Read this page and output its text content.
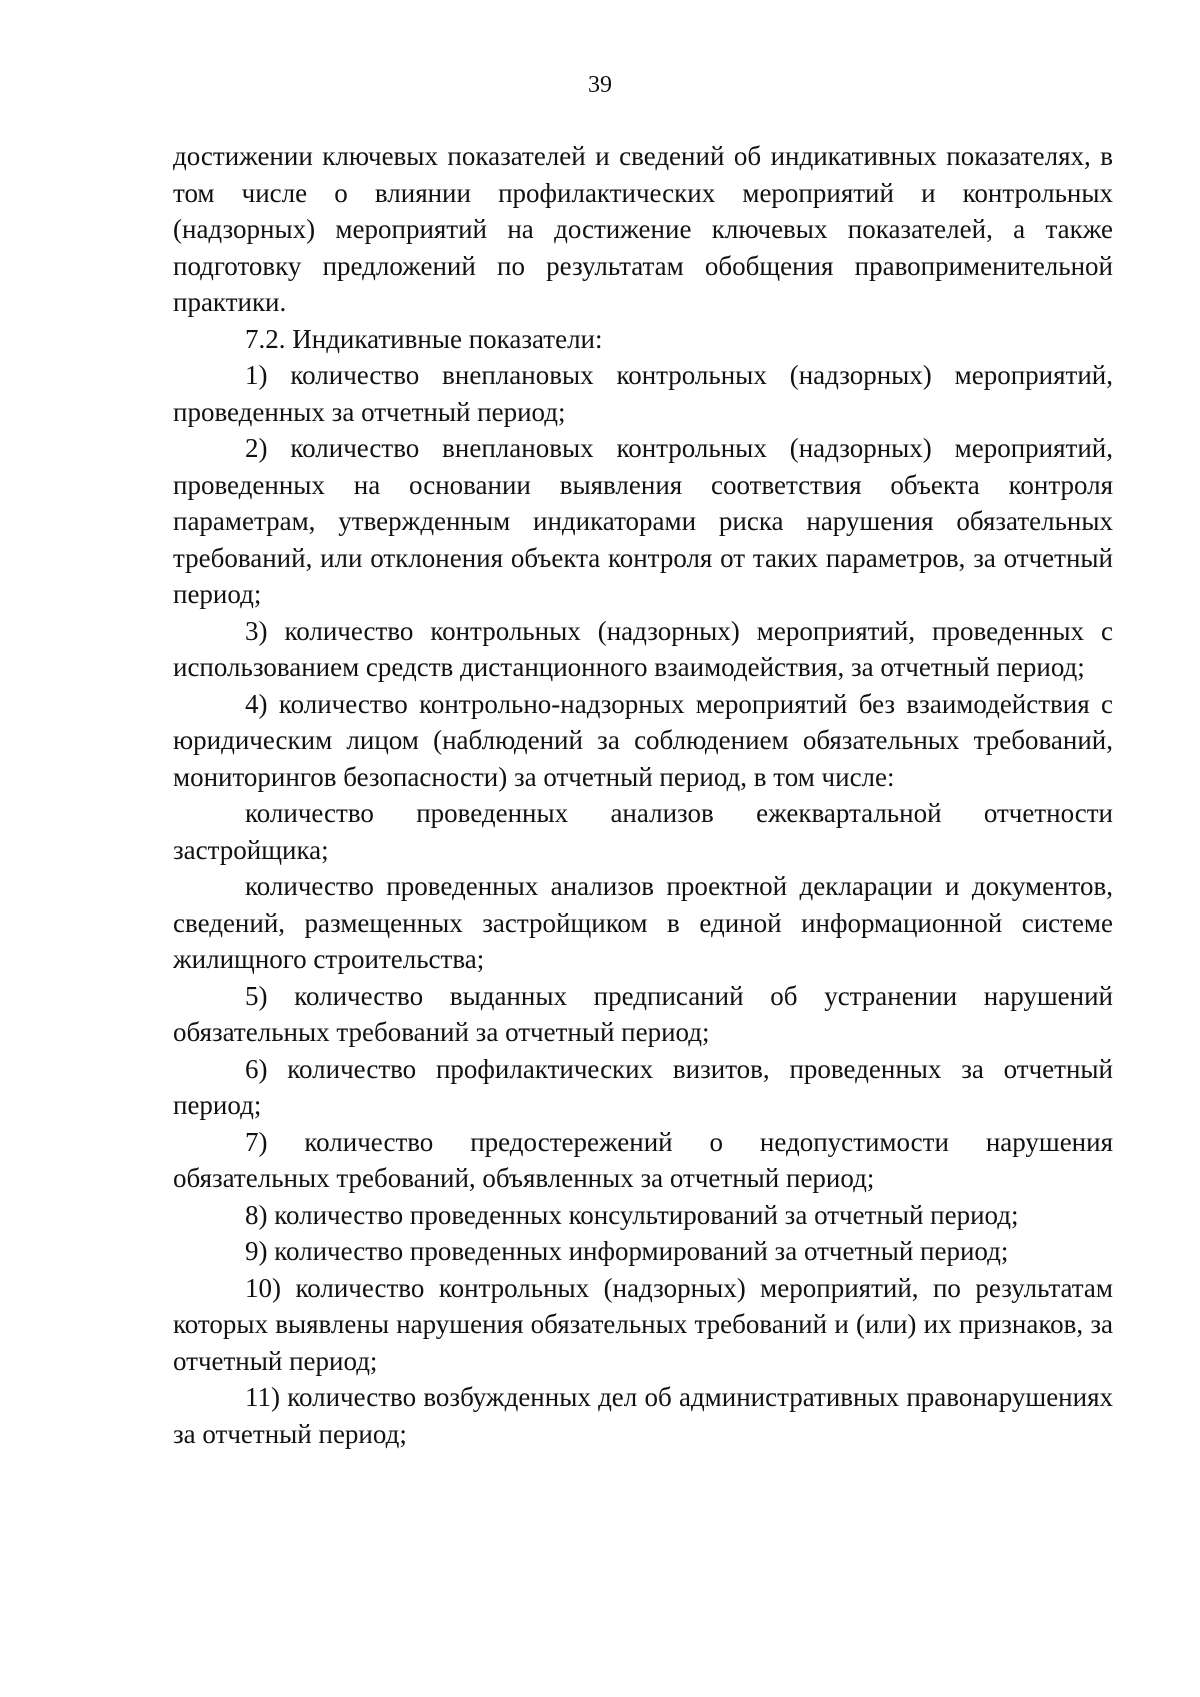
39

достижении ключевых показателей и сведений об индикативных показателях, в том числе о влиянии профилактических мероприятий и контрольных (надзорных) мероприятий на достижение ключевых показателей, а также подготовку предложений по результатам обобщения правоприменительной практики.

7.2. Индикативные показатели:

1) количество внеплановых контрольных (надзорных) мероприятий, проведенных за отчетный период;

2) количество внеплановых контрольных (надзорных) мероприятий, проведенных на основании выявления соответствия объекта контроля параметрам, утвержденным индикаторами риска нарушения обязательных требований, или отклонения объекта контроля от таких параметров, за отчетный период;

3) количество контрольных (надзорных) мероприятий, проведенных с использованием средств дистанционного взаимодействия, за отчетный период;

4) количество контрольно-надзорных мероприятий без взаимодействия с юридическим лицом (наблюдений за соблюдением обязательных требований, мониторингов безопасности) за отчетный период, в том числе:

количество проведенных анализов ежеквартальной отчетности застройщика;

количество проведенных анализов проектной декларации и документов, сведений, размещенных застройщиком в единой информационной системе жилищного строительства;

5) количество выданных предписаний об устранении нарушений обязательных требований за отчетный период;

6) количество профилактических визитов, проведенных за отчетный период;

7) количество предостережений о недопустимости нарушения обязательных требований, объявленных за отчетный период;

8) количество проведенных консультирований за отчетный период;

9) количество проведенных информирований за отчетный период;

10) количество контрольных (надзорных) мероприятий, по результатам которых выявлены нарушения обязательных требований и (или) их признаков, за отчетный период;

11) количество возбужденных дел об административных правонарушениях за отчетный период;
